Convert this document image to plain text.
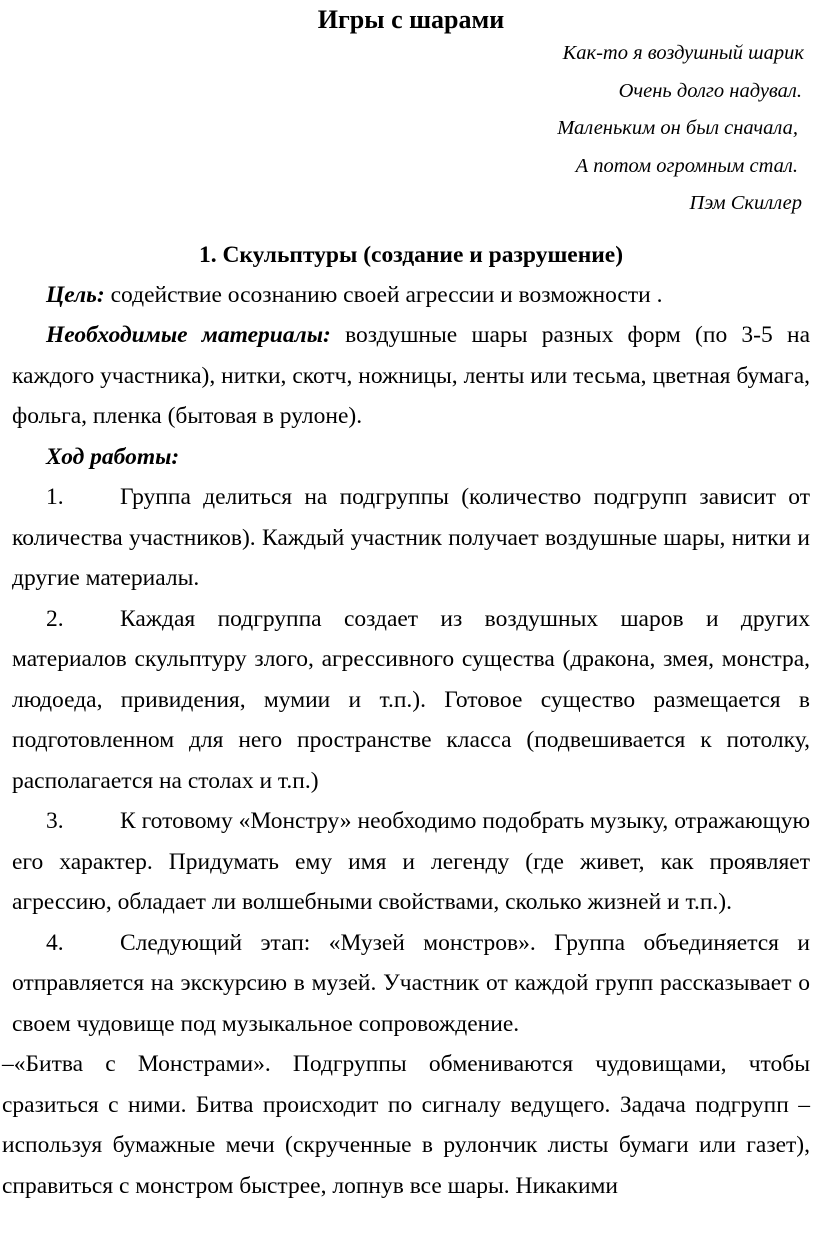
Игры с шарами
Как-то я воздушный шарик
Очень долго надувал.
Маленьким он был сначала,
А потом огромным стал.
Пэм Скиллер
1. Скульптуры (создание и разрушение)

Цель: содействие осознанию своей агрессии и возможности .

Необходимые материалы: воздушные шары разных форм (по 3-5 на каждого участника), нитки, скотч, ножницы, ленты или тесьма, цветная бумага, фольга, пленка (бытовая в рулоне).

Ход работы:

1. Группа делиться на подгруппы (количество подгрупп зависит от количества участников). Каждый участник получает воздушные шары, нитки и другие материалы.

2. Каждая подгруппа создает из воздушных шаров и других материалов скульптуру злого, агрессивного существа (дракона, змея, монстра, людоеда, привидения, мумии и т.п.). Готовое существо размещается в подготовленном для него пространстве класса (подвешивается к потолку, располагается на столах и т.п.)

3. К готовому «Монстру» необходимо подобрать музыку, отражающую его характер. Придумать ему имя и легенду (где живет, как проявляет агрессию, обладает ли волшебными свойствами, сколько жизней и т.п.).

4. Следующий этап: «Музей монстров». Группа объединяется и отправляется на экскурсию в музей. Участник от каждой групп рассказывает о своем чудовище под музыкальное сопровождение.

–«Битва с Монстрами». Подгруппы обмениваются чудовищами, чтобы сразиться с ними. Битва происходит по сигналу ведущего. Задача подгрупп – используя бумажные мечи (скрученные в рулончик листы бумаги или газет), справиться с монстром быстрее, лопнув все шары. Никакими
